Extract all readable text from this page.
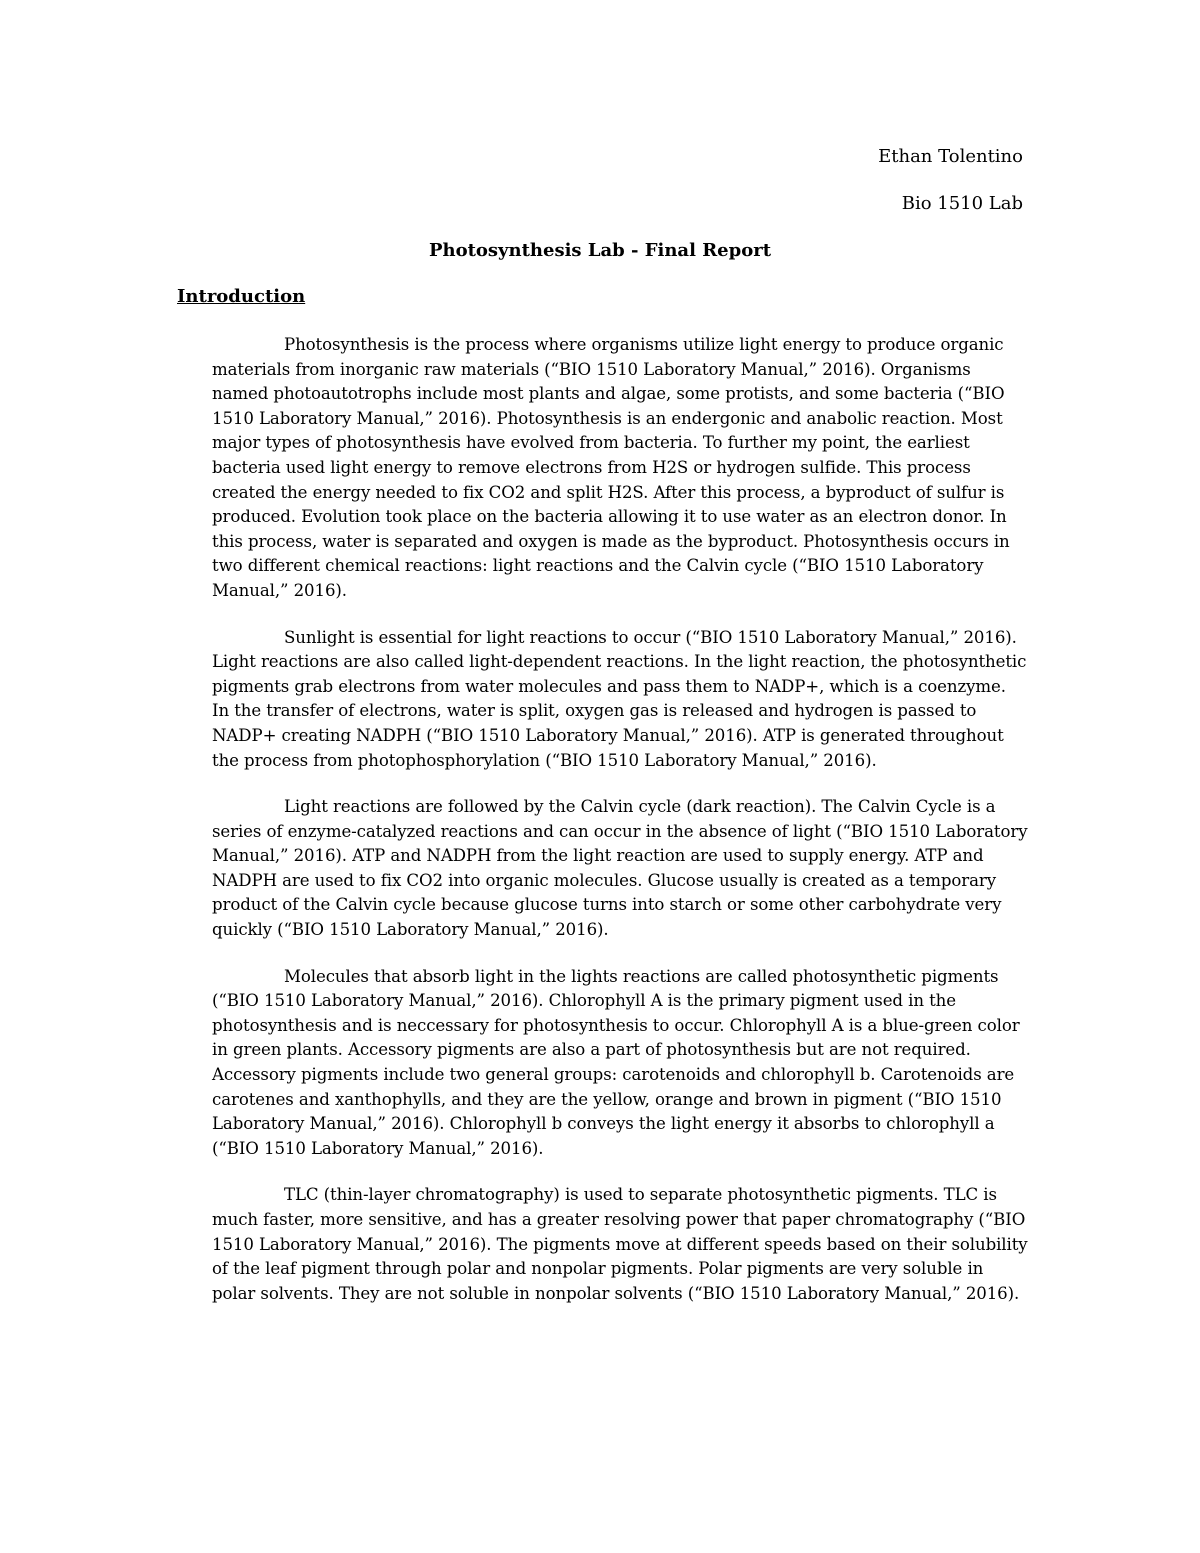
Ethan Tolentino
Bio 1510 Lab
Photosynthesis Lab - Final Report
Introduction

Photosynthesis is the process where organisms utilize light energy to produce organic materials from inorganic raw materials (“BIO 1510 Laboratory Manual,” 2016). Organisms named photoautotrophs include most plants and algae, some protists, and some bacteria (“BIO 1510 Laboratory Manual,” 2016). Photosynthesis is an endergonic and anabolic reaction. Most major types of photosynthesis have evolved from bacteria. To further my point, the earliest bacteria used light energy to remove electrons from H2S or hydrogen sulfide. This process created the energy needed to fix CO2 and split H2S. After this process, a byproduct of sulfur is produced. Evolution took place on the bacteria allowing it to use water as an electron donor. In this process, water is separated and oxygen is made as the byproduct. Photosynthesis occurs in two different chemical reactions: light reactions and the Calvin cycle (“BIO 1510 Laboratory Manual,” 2016).

Sunlight is essential for light reactions to occur (“BIO 1510 Laboratory Manual,” 2016). Light reactions are also called light-dependent reactions. In the light reaction, the photosynthetic pigments grab electrons from water molecules and pass them to NADP+, which is a coenzyme. In the transfer of electrons, water is split, oxygen gas is released and hydrogen is passed to NADP+ creating NADPH (“BIO 1510 Laboratory Manual,” 2016). ATP is generated throughout the process from photophosphorylation (“BIO 1510 Laboratory Manual,” 2016).

Light reactions are followed by the Calvin cycle (dark reaction). The Calvin Cycle is a series of enzyme-catalyzed reactions and can occur in the absence of light (“BIO 1510 Laboratory Manual,” 2016). ATP and NADPH from the light reaction are used to supply energy. ATP and NADPH are used to fix CO2 into organic molecules. Glucose usually is created as a temporary product of the Calvin cycle because glucose turns into starch or some other carbohydrate very quickly (“BIO 1510 Laboratory Manual,” 2016).

Molecules that absorb light in the lights reactions are called photosynthetic pigments (“BIO 1510 Laboratory Manual,” 2016). Chlorophyll A is the primary pigment used in the photosynthesis and is neccessary for photosynthesis to occur. Chlorophyll A is a blue-green color in green plants. Accessory pigments are also a part of photosynthesis but are not required. Accessory pigments include two general groups: carotenoids and chlorophyll b. Carotenoids are carotenes and xanthophylls, and they are the yellow, orange and brown in pigment (“BIO 1510 Laboratory Manual,” 2016). Chlorophyll b conveys the light energy it absorbs to chlorophyll a (“BIO 1510 Laboratory Manual,” 2016).

TLC (thin-layer chromatography) is used to separate photosynthetic pigments. TLC is much faster, more sensitive, and has a greater resolving power that paper chromatography (“BIO 1510 Laboratory Manual,” 2016). The pigments move at different speeds based on their solubility of the leaf pigment through polar and nonpolar pigments. Polar pigments are very soluble in polar solvents. They are not soluble in nonpolar solvents (“BIO 1510 Laboratory Manual,” 2016).
